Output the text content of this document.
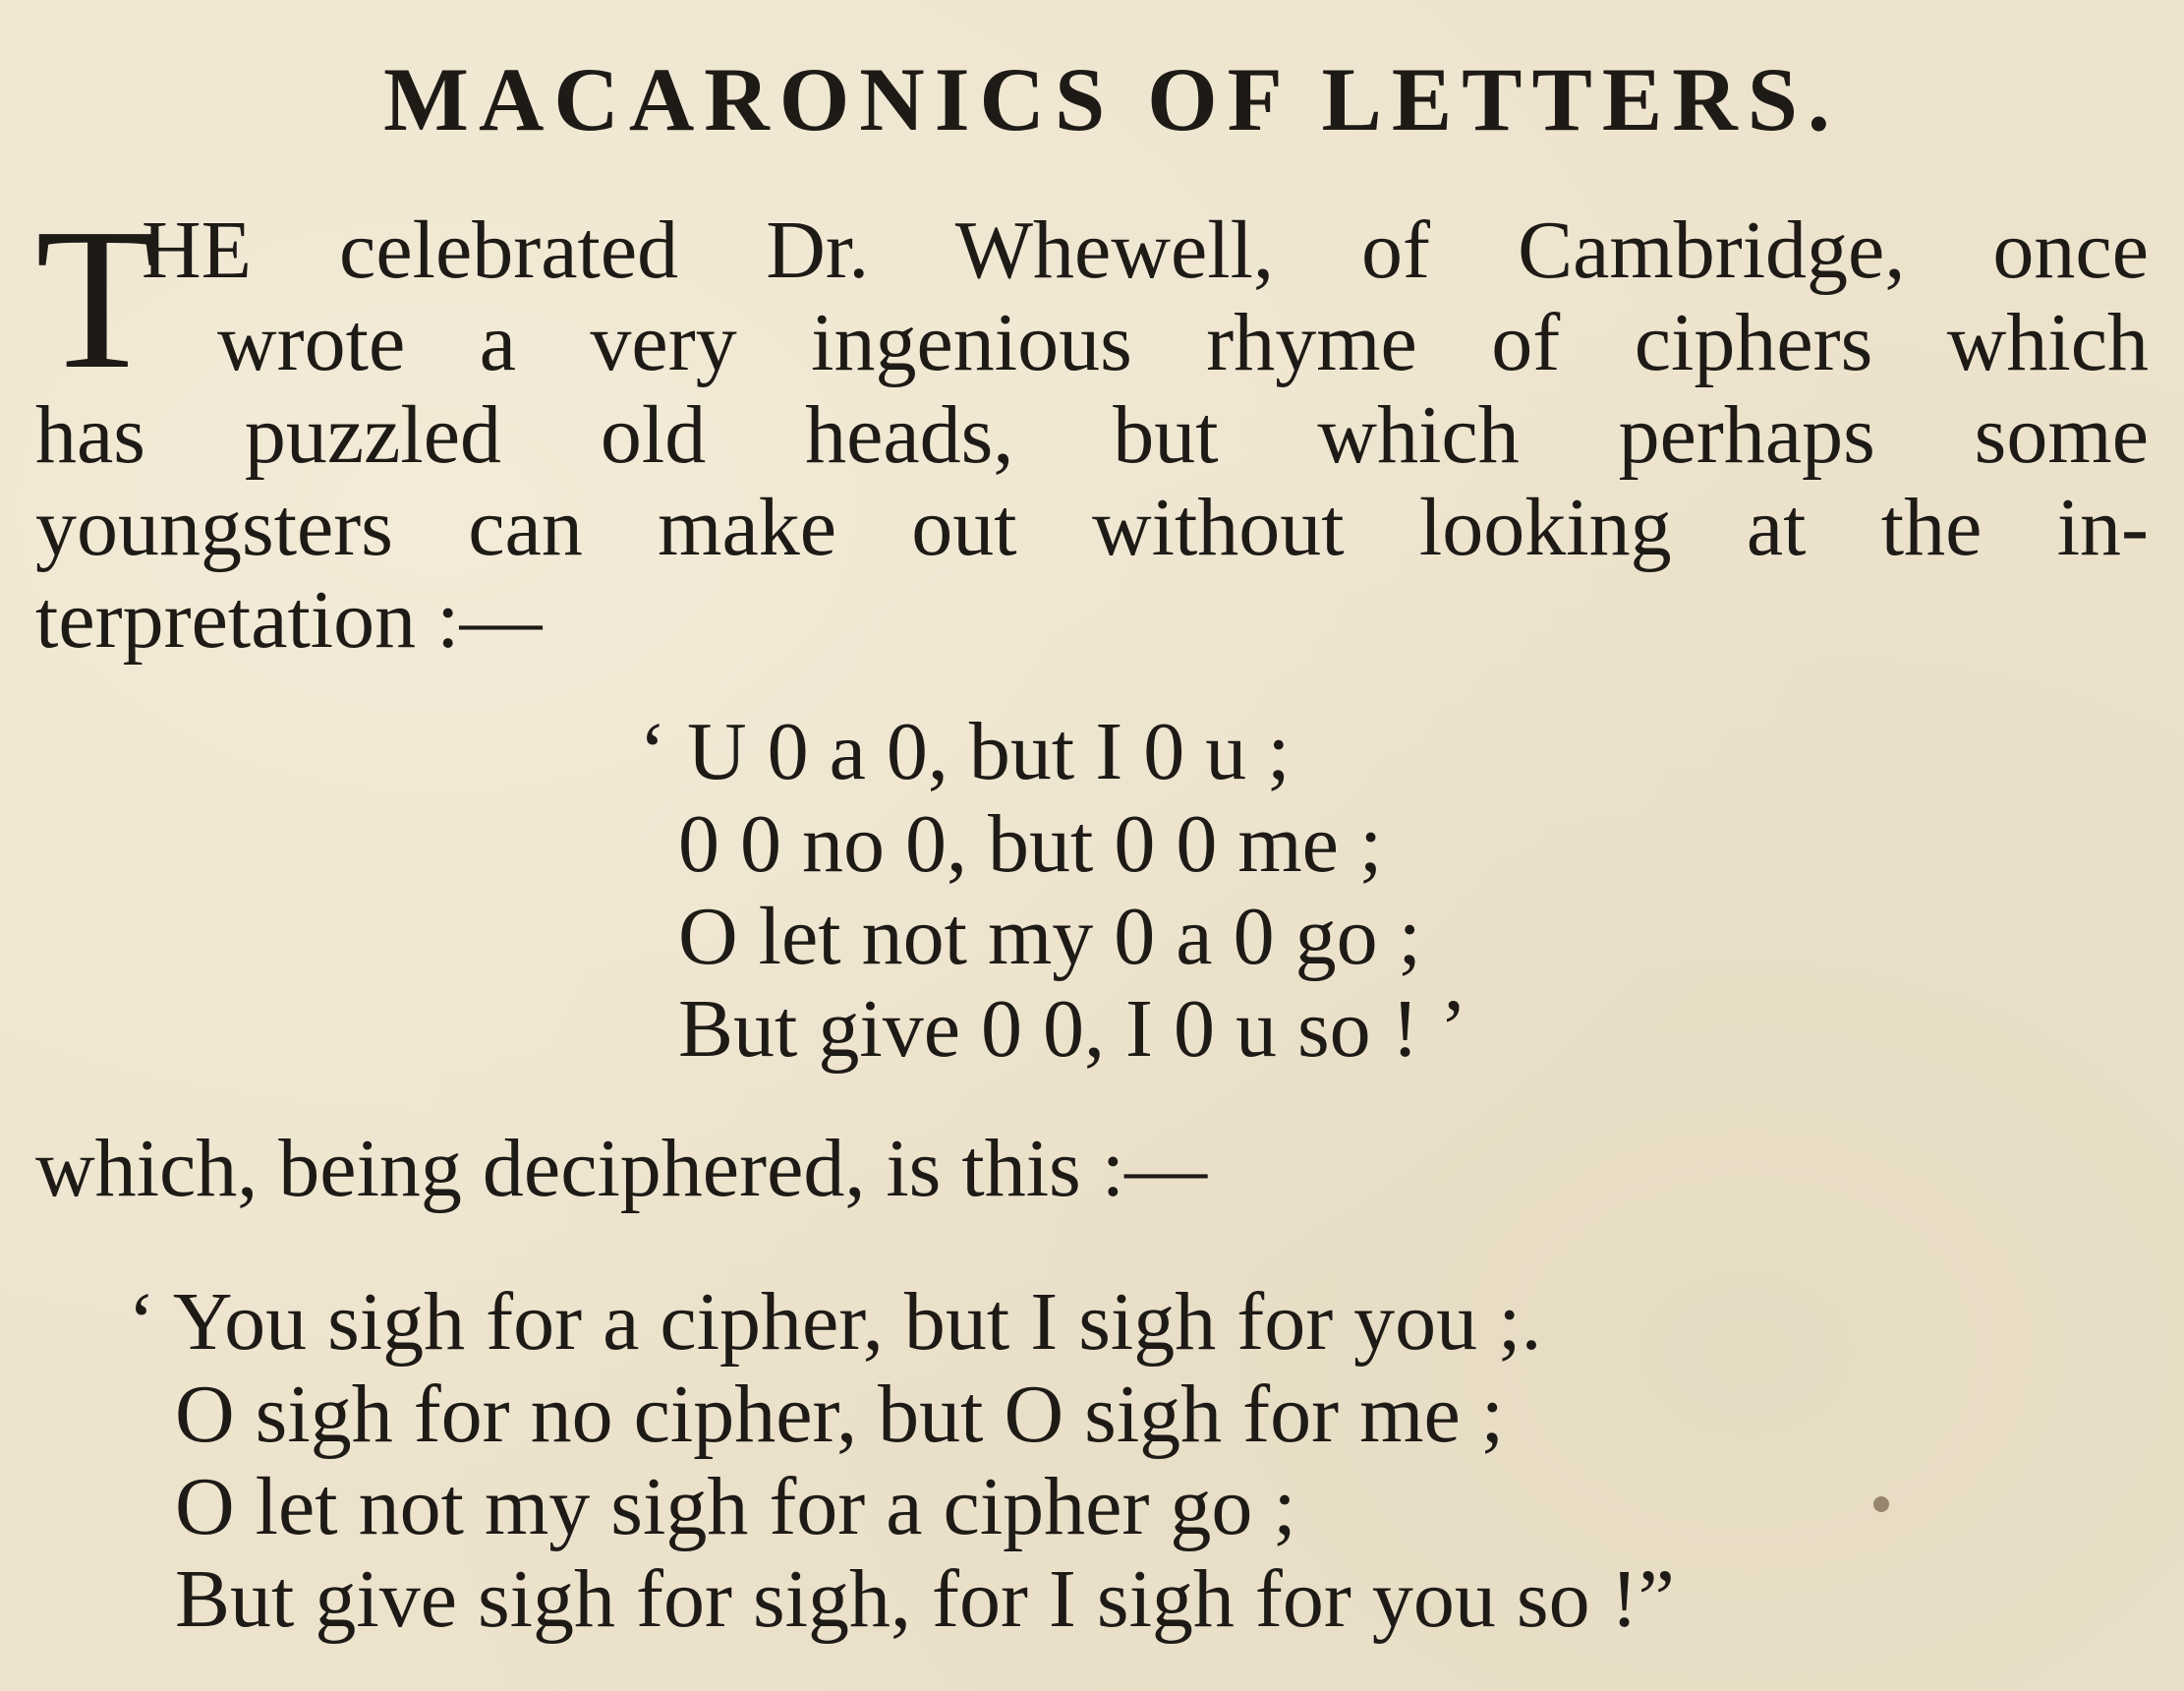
MACARONICS OF LETTERS.
T
HE celebrated Dr. Whewell, of Cambridge, once
wrote a very ingenious rhyme of ciphers which
has puzzled old heads, but which perhaps some
youngsters can make out without looking at the in-
terpretation :—
‘ U 0 a 0, but I 0 u ;
0 0 no 0, but 0 0 me ;
O let not my 0 a 0 go ;
But give 0 0, I 0 u so ! ’
which, being deciphered, is this :—
‘ You sigh for a cipher, but I sigh for you ;.
O sigh for no cipher, but O sigh for me ;
O let not my sigh for a cipher go ;
But give sigh for sigh, for I sigh for you so !”
